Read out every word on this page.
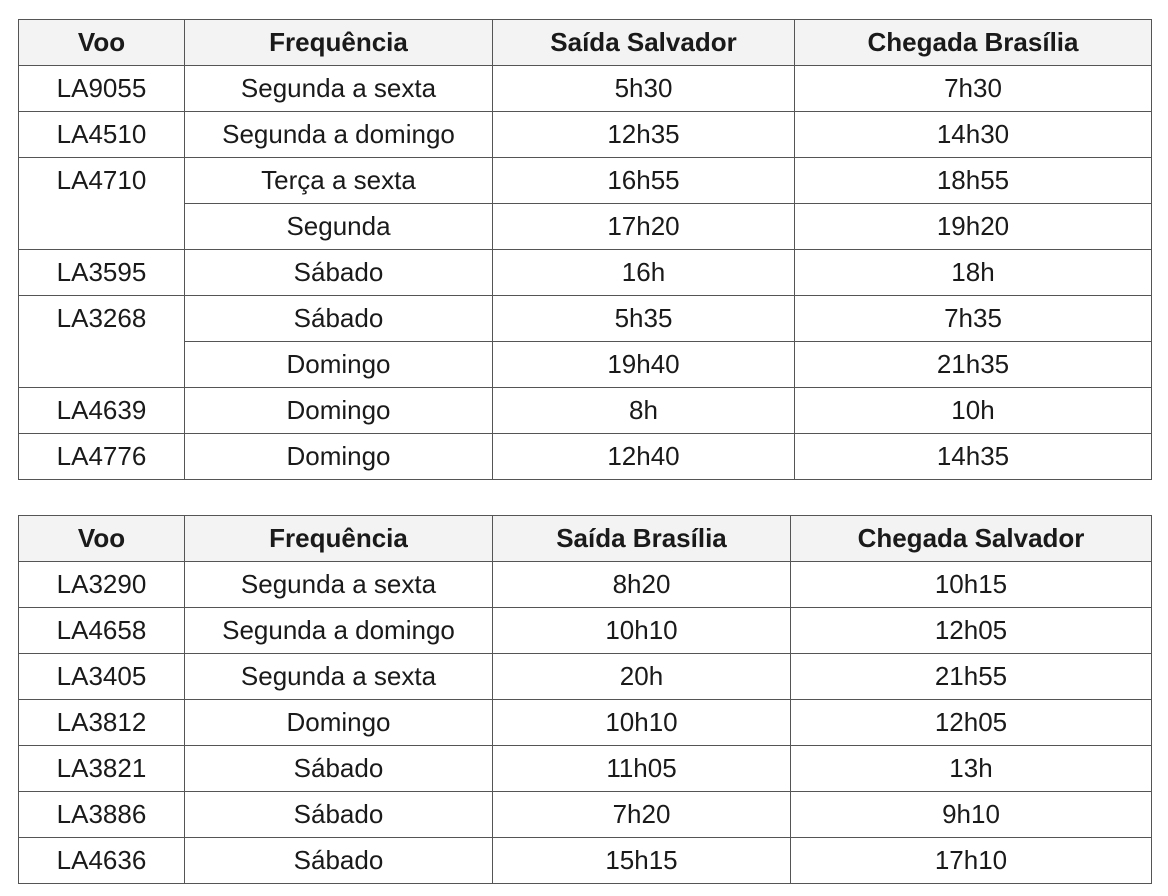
Voo	Frequência	Saída Salvador	Chegada Brasília
LA9055	Segunda a sexta	5h30	7h30
LA4510	Segunda a domingo	12h35	14h30
LA4710	Terça a sexta	16h55	18h55
	Segunda	17h20	19h20
LA3595	Sábado	16h	18h
LA3268	Sábado	5h35	7h35
	Domingo	19h40	21h35
LA4639	Domingo	8h	10h
LA4776	Domingo	12h40	14h35
Voo	Frequência	Saída Brasília	Chegada Salvador
LA3290	Segunda a sexta	8h20	10h15
LA4658	Segunda a domingo	10h10	12h05
LA3405	Segunda a sexta	20h	21h55
LA3812	Domingo	10h10	12h05
LA3821	Sábado	11h05	13h
LA3886	Sábado	7h20	9h10
LA4636	Sábado	15h15	17h10
